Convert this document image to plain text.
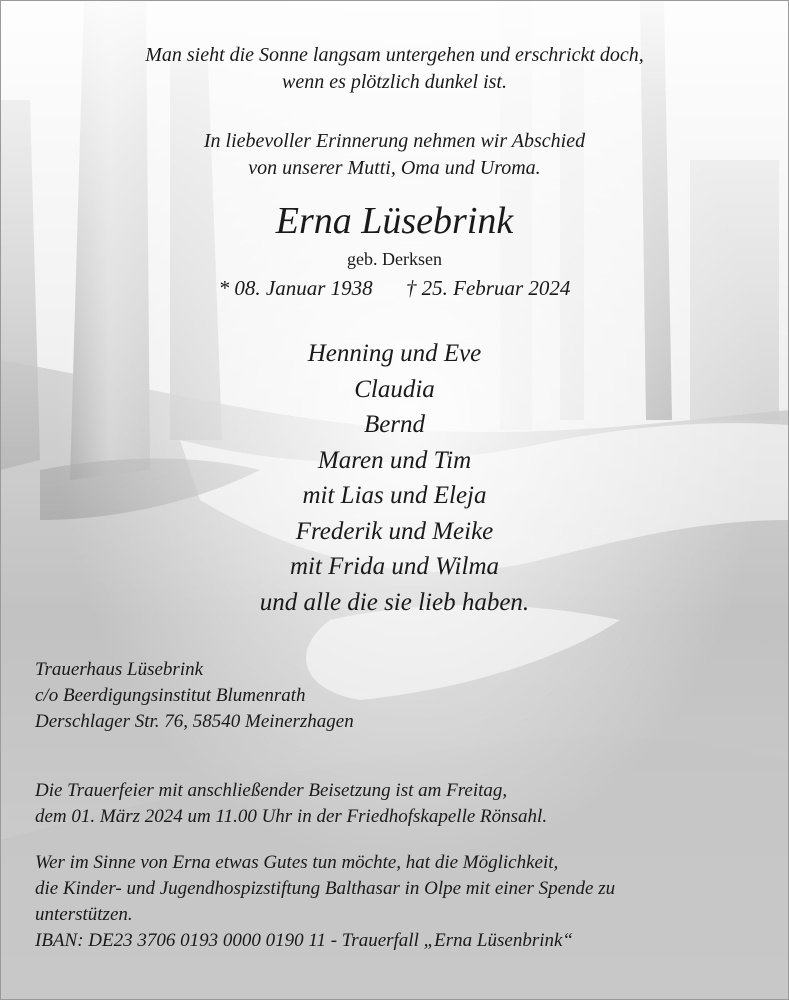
Man sieht die Sonne langsam untergehen und erschrickt doch,
wenn es plötzlich dunkel ist.
In liebevoller Erinnerung nehmen wir Abschied
von unserer Mutti, Oma und Uroma.
Erna Lüsebrink
geb. Derksen
* 08. Januar 1938 † 25. Februar 2024
Henning und Eve
Claudia
Bernd
Maren und Tim
mit Lias und Eleja
Frederik und Meike
mit Frida und Wilma
und alle die sie lieb haben.
Trauerhaus Lüsebrink
c/o Beerdigungsinstitut Blumenrath
Derschlager Str. 76, 58540 Meinerzhagen
Die Trauerfeier mit anschließender Beisetzung ist am Freitag,
dem 01. März 2024 um 11.00 Uhr in der Friedhofskapelle Rönsahl.
Wer im Sinne von Erna etwas Gutes tun möchte, hat die Möglichkeit,
die Kinder- und Jugendhospizstiftung Balthasar in Olpe mit einer Spende zu
unterstützen.
IBAN: DE23 3706 0193 0000 0190 11 - Trauerfall „Erna Lüsenbrink“
